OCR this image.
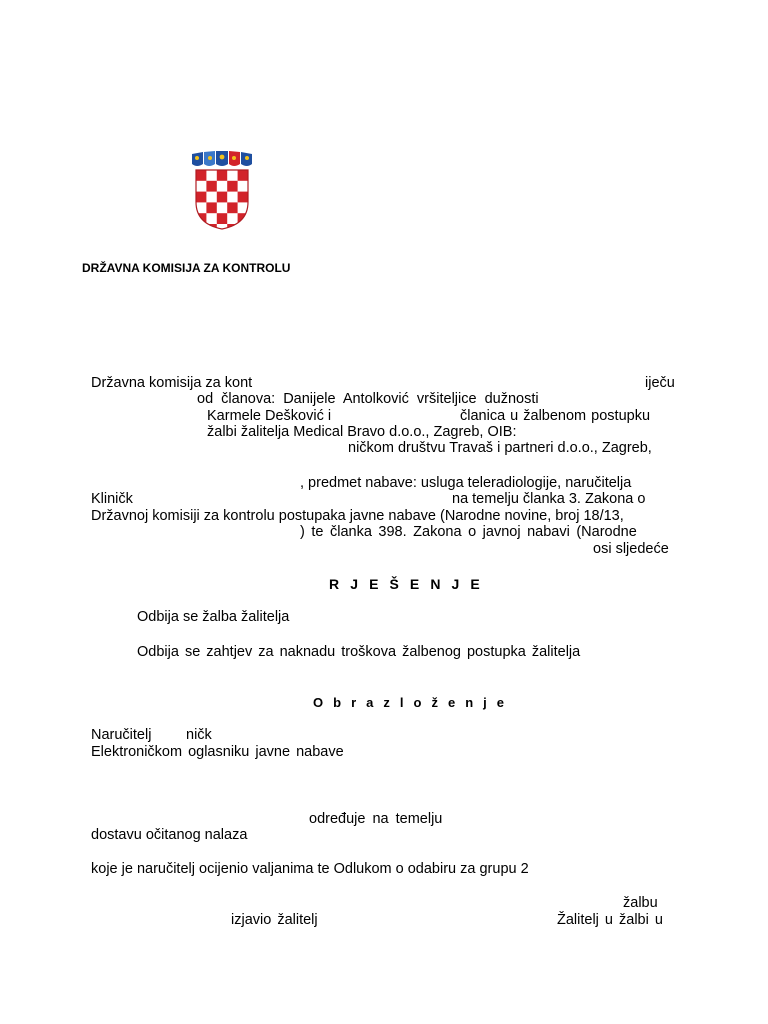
DRŽAVNA KOMISIJA ZA KONTROLU
Državna komisija za kont	iječu
od članova: Danijele Antolković vršiteljice dužnosti
Karmele Dešković i	članica u žalbenom postupku
žalbi žalitelja Medical Bravo d.o.o., Zagreb, OIB:
ničkom društvu Travaš i partneri d.o.o., Zagreb,
, predmet nabave: usluga teleradiologije, naručitelja
Kliničk	na temelju članka 3. Zakona o
Državnoj komisiji za kontrolu postupaka javne nabave (Narodne novine, broj 18/13,
) te članka 398. Zakona o javnoj nabavi (Narodne
osi sljedeće
R J E Š E N J E
Odbija se žalba žalitelja
Odbija se zahtjev za naknadu troškova žalbenog postupka žalitelja
O b r a z l o ž e n j e
Naručitelj ničk
Elektroničkom oglasniku javne nabave
određuje na temelju
dostavu očitanog nalaza
koje je naručitelj ocijenio valjanima te Odlukom o odabiru za grupu 2
žalbu
izjavio žalitelj	Žalitelj u žalbi u
